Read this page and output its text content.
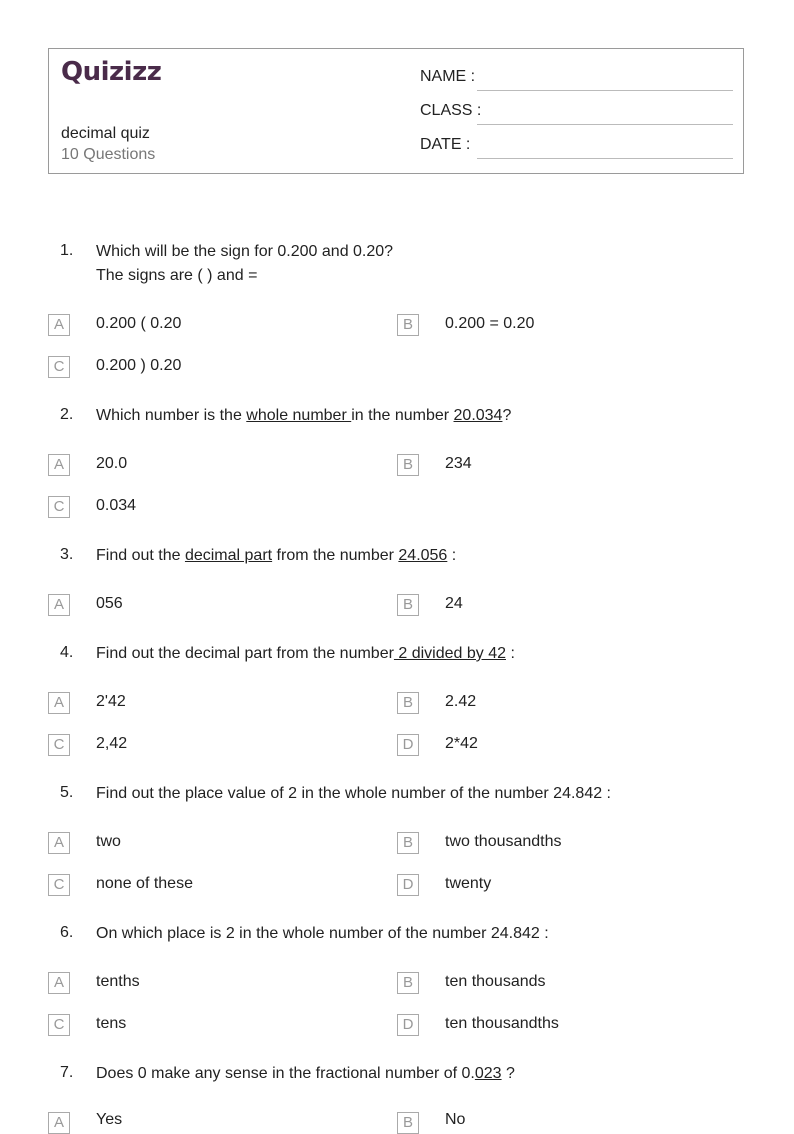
Quizizz
decimal quiz
10 Questions
NAME :
CLASS :
DATE :
1. Which will be the sign for 0.200 and 0.20?
The signs are ( ) and =
A	0.200 ( 0.20	B	0.200 = 0.20
C	0.200 ) 0.20
2. Which number is the whole number in the number 20.034?
A	20.0	B	234
C	0.034
3. Find out the decimal part from the number 24.056 :
A	056	B	24
4. Find out the decimal part from the number 2 divided by 42 :
A	2'42	B	2.42
C	2,42	D	2*42
5. Find out the place value of 2 in the whole number of the number 24.842 :
A	two	B	two thousandths
C	none of these	D	twenty
6. On which place is 2 in the whole number of the number 24.842 :
A	tenths	B	ten thousands
C	tens	D	ten thousandths
7. Does 0 make any sense in the fractional number of 0.023 ?
A	Yes	B	No
